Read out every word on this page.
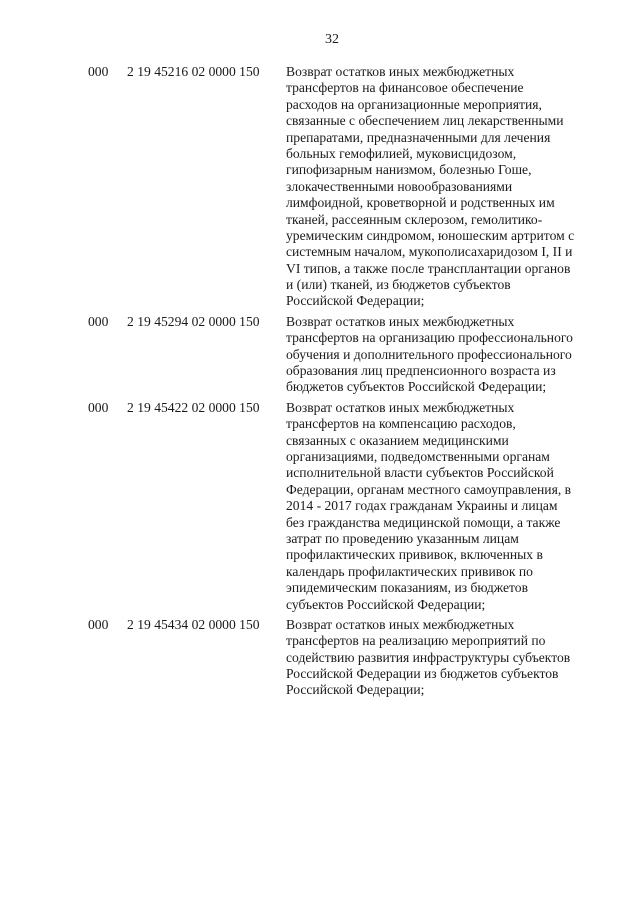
32
000 2 19 45216 02 0000 150 Возврат остатков иных межбюджетных
трансфертов на финансовое обеспечение
расходов на организационные мероприятия,
связанные с обеспечением лиц лекарственными
препаратами, предназначенными для лечения
больных гемофилией, муковисцидозом,
гипофизарным нанизмом, болезнью Гоше,
злокачественными новообразованиями
лимфоидной, кроветворной и родственных им
тканей, рассеянным склерозом, гемолитико-
уремическим синдромом, юношеским артритом с
системным началом, мукополисахаридозом I, II и
VI типов, а также после трансплантации органов
и (или) тканей, из бюджетов субъектов
Российской Федерации;
000 2 19 45294 02 0000 150 Возврат остатков иных межбюджетных
трансфертов на организацию профессионального
обучения и дополнительного профессионального
образования лиц предпенсионного возраста из
бюджетов субъектов Российской Федерации;
000 2 19 45422 02 0000 150 Возврат остатков иных межбюджетных
трансфертов на компенсацию расходов,
связанных с оказанием медицинскими
организациями, подведомственными органам
исполнительной власти субъектов Российской
Федерации, органам местного самоуправления, в
2014 - 2017 годах гражданам Украины и лицам
без гражданства медицинской помощи, а также
затрат по проведению указанным лицам
профилактических прививок, включенных в
календарь профилактических прививок по
эпидемическим показаниям, из бюджетов
субъектов Российской Федерации;
000 2 19 45434 02 0000 150 Возврат остатков иных межбюджетных
трансфертов на реализацию мероприятий по
содействию развития инфраструктуры субъектов
Российской Федерации из бюджетов субъектов
Российской Федерации;
